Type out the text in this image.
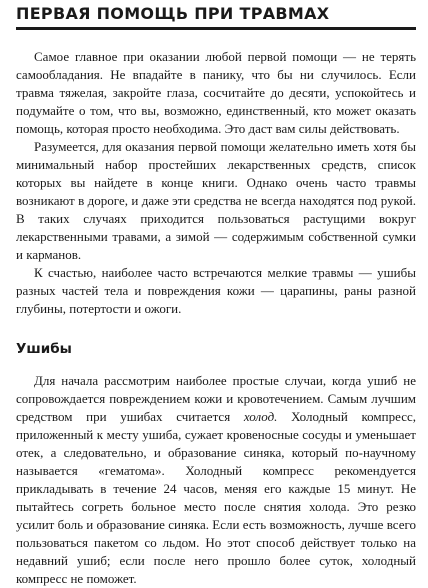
ПЕРВАЯ ПОМОЩЬ ПРИ ТРАВМАХ

Самое главное при оказании любой первой помощи — не терять самообладания. Не впадайте в панику, что бы ни случилось. Если травма тяжелая, закройте глаза, сосчитайте до десяти, успокойтесь и подумайте о том, что вы, возможно, единственный, кто может оказать помощь, которая просто необходима. Это даст вам силы действовать.

Разумеется, для оказания первой помощи желательно иметь хотя бы минимальный набор простейших лекарственных средств, список которых вы найдете в конце книги. Однако очень часто травмы возникают в дороге, и даже эти средства не всегда находятся под рукой. В таких случаях приходится пользоваться растущими вокруг лекарственными травами, а зимой — содержимым собственной сумки и карманов.

К счастью, наиболее часто встречаются мелкие травмы — ушибы разных частей тела и повреждения кожи — царапины, раны разной глубины, потертости и ожоги.

Ушибы

Для начала рассмотрим наиболее простые случаи, когда ушиб не сопровождается повреждением кожи и кровотечением. Самым лучшим средством при ушибах считается холод. Холодный компресс, приложенный к месту ушиба, сужает кровеносные сосуды и уменьшает отек, а следовательно, и образование синяка, который по-научному называется «гематома». Холодный компресс рекомендуется прикладывать в течение 24 часов, меняя его каждые 15 минут. Не пытайтесь согреть больное место после снятия холода. Это резко усилит боль и образование синяка. Если есть возможность, лучше всего пользоваться пакетом со льдом. Но этот способ действует только на недавний ушиб; если после него прошло более суток, холодный компресс не поможет.
